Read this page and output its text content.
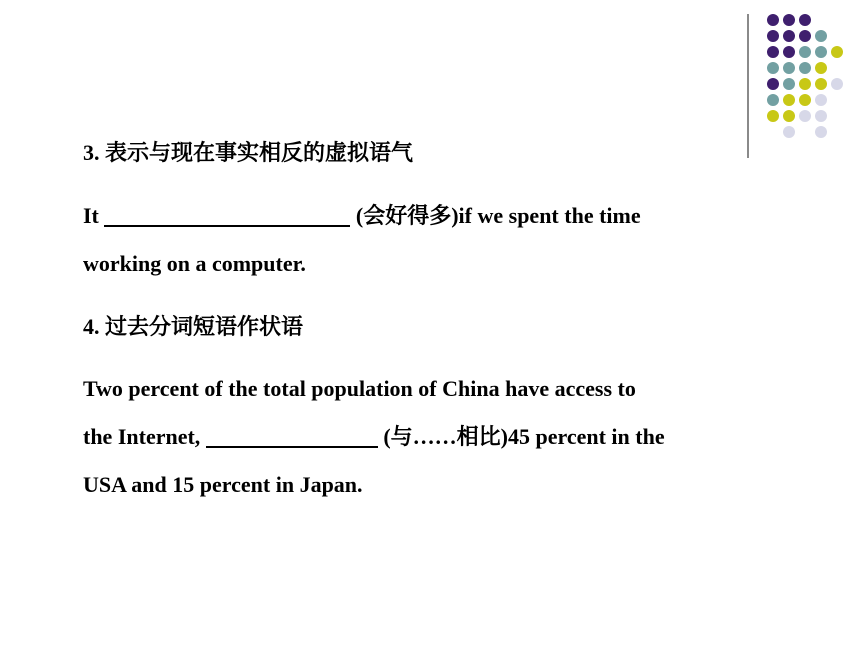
3. 表示与现在事实相反的虚拟语气
It	(会好得多)if we spent the time
working on a computer.
4. 过去分词短语作状语
Two percent of the total population of China have access to
the Internet,	(与……相比)45 percent in the
USA and 15 percent in Japan.
